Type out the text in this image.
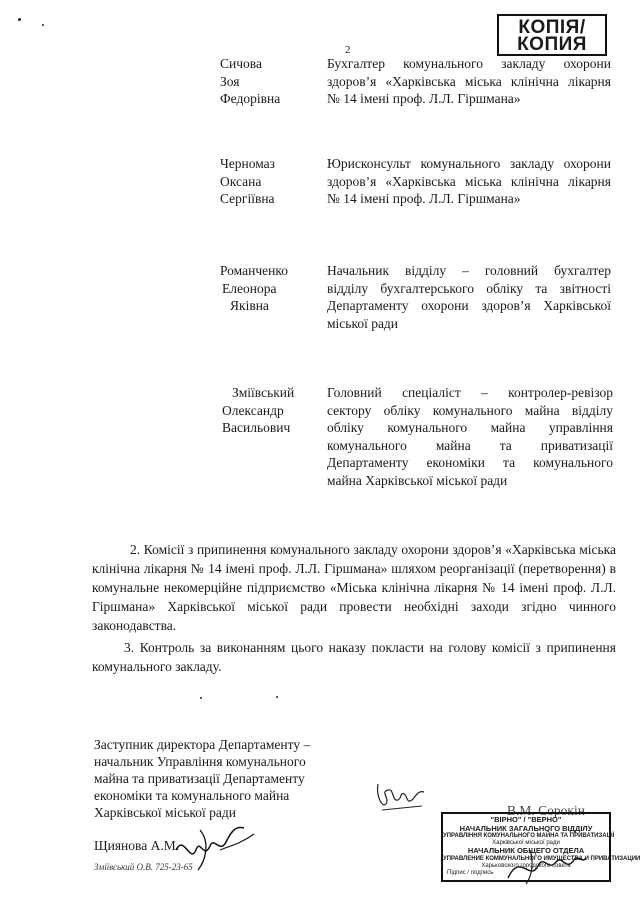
2
КОПІЯ/
КОПИЯ
Сичова
Зоя
Федорівна
Бухгалтер комунального закладу охорони
здоров’я «Харківська міська клінічна лікарня
№ 14 імені проф. Л.Л. Гіршмана»
Черномаз
Оксана
Сергіївна
Юрисконсульт комунального закладу охорони
здоров’я «Харківська міська клінічна лікарня
№ 14 імені проф. Л.Л. Гіршмана»
Романченко
Елеонора
Яківна
Начальник відділу – головний бухгалтер
відділу бухгалтерського обліку та звітності
Департаменту охорони здоров’я Харківської
міської ради
Зміївський
Олександр
Васильович
Головний спеціаліст – контролер-ревізор
сектору обліку комунального майна відділу
обліку комунального майна управління
комунального майна та приватизації
Департаменту економіки та комунального
майна Харківської міської ради
2. Комісії з припинення комунального закладу охорони здоров’я «Харківська міська клінічна лікарня № 14 імені проф. Л.Л. Гіршмана» шляхом реорганізації (перетворення) в комунальне некомерційне підприємство «Міська клінічна лікарня № 14 імені проф. Л.Л. Гіршмана» Харківської міської ради провести необхідні заходи згідно чинного законодавства.
3. Контроль за виконанням цього наказу покласти на голову комісії з припинення комунального закладу.
Заступник директора Департаменту –
начальник Управління комунального
майна та приватизації Департаменту
економіки та комунального майна
Харківської міської ради	В.М. Сорокін
Щиянова А.М.
Зміївський О.В. 725-23-65
"ВІРНО" / "ВЕРНО"
НАЧАЛЬНИК ЗАГАЛЬНОГО ВІДДІЛУ
УПРАВЛІННЯ КОМУНАЛЬНОГО МАЙНА ТА ПРИВАТИЗАЦІЇ
Харківської міської ради
НАЧАЛЬНИК ОБЩЕГО ОТДЕЛА
УПРАВЛЕНИЕ КОММУНАЛЬНОГО ИМУЩЕСТВА И ПРИВАТИЗАЦИИ
Харьковского городского совета
Підпис / подпись
